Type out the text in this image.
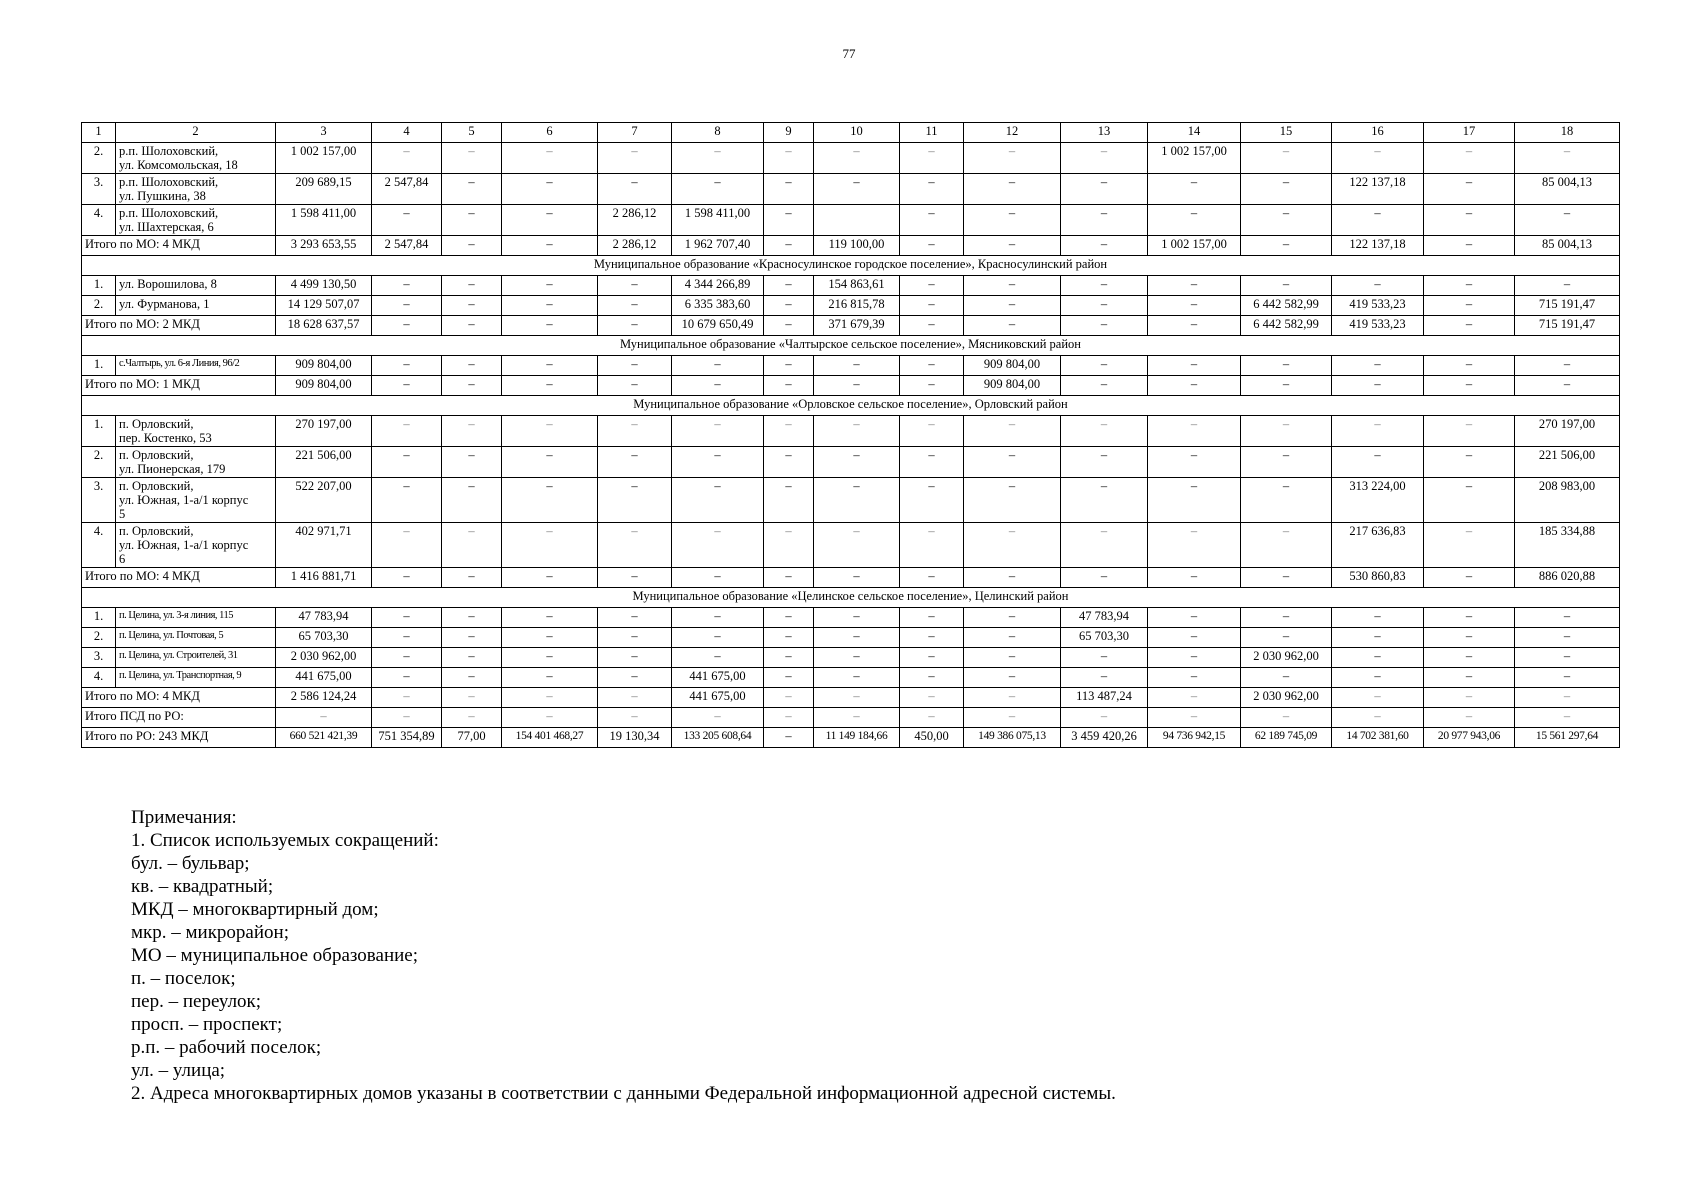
77
1	2	3	4	5	6	7	8	9	10	11	12	13	14	15	16	17	18
2.	р.п. Шолоховский,
ул. Комсомольская, 18	1 002 157,00	–	–	–	–	–	–	–	–	–	–	1 002 157,00	–	–	–	–
3.	р.п. Шолоховский,
ул. Пушкина, 38	209 689,15	2 547,84	–	–	–	–	–	–	–	–	–	–	–	122 137,18	–	85 004,13
4.	р.п. Шолоховский,
ул. Шахтерская, 6	1 598 411,00	–	–	–	2 286,12	1 598 411,00	–		–	–	–	–	–	–	–	–
Итого по МО: 4 МКД		3 293 653,55	2 547,84	–	–	2 286,12	1 962 707,40	–	119 100,00	–	–	–	1 002 157,00	–	122 137,18	–	85 004,13
Муниципальное образование «Красносулинское городское поселение», Красносулинский район																	
1.	ул. Ворошилова, 8	4 499 130,50	–	–	–	–	4 344 266,89	–	154 863,61	–	–	–	–	–	–	–	–
2.	ул. Фурманова, 1	14 129 507,07	–	–	–	–	6 335 383,60	–	216 815,78	–	–	–	–	6 442 582,99	419 533,23	–	715 191,47
Итого по МО: 2 МКД		18 628 637,57	–	–	–	–	10 679 650,49	–	371 679,39	–	–	–	–	6 442 582,99	419 533,23	–	715 191,47
Муниципальное образование «Чалтырское сельское поселение», Мясниковский район																	
1.	с.Чалтырь, ул. 6-я Линия, 96/2	909 804,00	–	–	–	–	–	–	–	–	909 804,00	–	–	–	–	–	–
Итого по МО: 1 МКД		909 804,00	–	–	–	–	–	–	–	–	909 804,00	–	–	–	–	–	–
Муниципальное образование «Орловское сельское поселение», Орловский район																	
1.	п. Орловский,
пер. Костенко, 53	270 197,00	–	–	–	–	–	–	–	–	–	–	–	–	–	–	270 197,00
2.	п. Орловский,
ул. Пионерская, 179	221 506,00	–	–	–	–	–	–	–	–	–	–	–	–	–	–	221 506,00
3.	п. Орловский,
ул. Южная, 1-а/1 корпус
5	522 207,00	–	–	–	–	–	–	–	–	–	–	–	–	313 224,00	–	208 983,00
4.	п. Орловский,
ул. Южная, 1-а/1 корпус
6	402 971,71	–	–	–	–	–	–	–	–	–	–	–	–	217 636,83	–	185 334,88
Итого по МО: 4 МКД		1 416 881,71	–	–	–	–	–	–	–	–	–	–	–	–	530 860,83	–	886 020,88
Муниципальное образование «Целинское сельское поселение», Целинский район																	
1.	п. Целина, ул. 3-я линия, 115	47 783,94	–	–	–	–	–	–	–	–	–	47 783,94	–	–	–	–	–
2.	п. Целина, ул. Почтовая, 5	65 703,30	–	–	–	–	–	–	–	–	–	65 703,30	–	–	–	–	–
3.	п. Целина, ул. Строителей, 31	2 030 962,00	–	–	–	–	–	–	–	–	–	–	–	2 030 962,00	–	–	–
4.	п. Целина, ул. Транспортная, 9	441 675,00	–	–	–	–	441 675,00	–	–	–	–	–	–	–	–	–	–
Итого по МО: 4 МКД		2 586 124,24	–	–	–	–	441 675,00	–	–	–	–	113 487,24	–	2 030 962,00	–	–	–
Итого ПСД по РО:		–	–	–	–	–	–	–	–	–	–	–	–	–	–	–	–
Итого по РО: 243 МКД		660 521 421,39	751 354,89	77,00	154 401 468,27	19 130,34	133 205 608,64	–	11 149 184,66	450,00	149 386 075,13	3 459 420,26	94 736 942,15	62 189 745,09	14 702 381,60	20 977 943,06	15 561 297,64
Примечания:
1. Список используемых сокращений:
бул. – бульвар;
кв. – квадратный;
МКД – многоквартирный дом;
мкр. – микрорайон;
МО – муниципальное образование;
п. – поселок;
пер. – переулок;
просп. – проспект;
р.п. – рабочий поселок;
ул. – улица;
2. Адреса многоквартирных домов указаны в соответствии с данными Федеральной информационной адресной системы.
